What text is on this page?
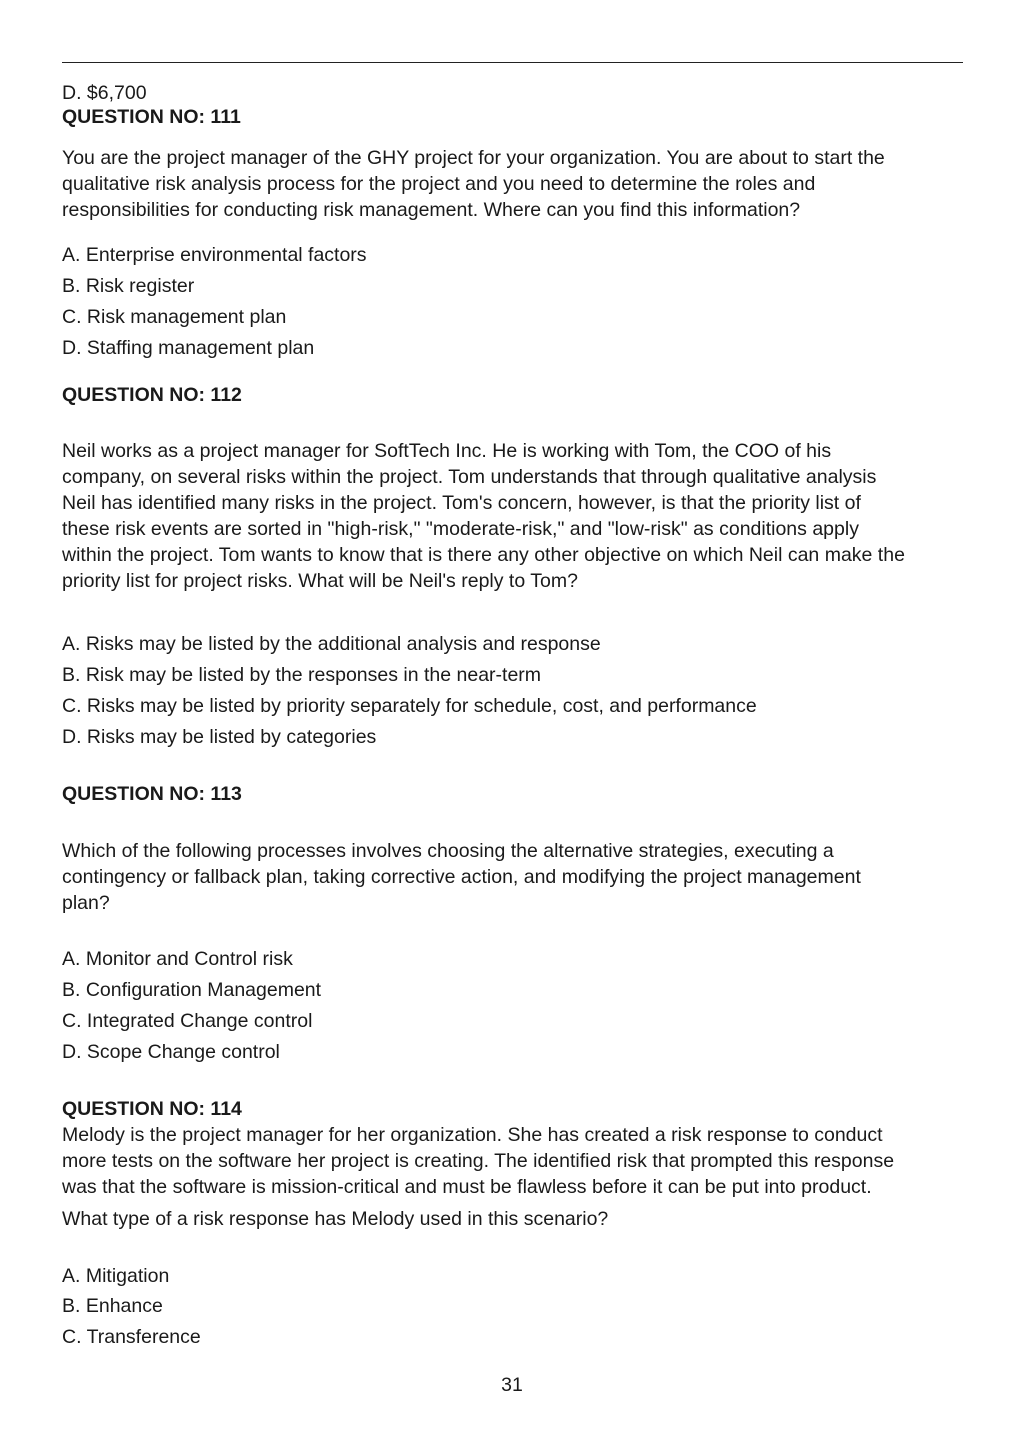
D. $6,700
QUESTION NO: 111
You are the project manager of the GHY project for your organization. You are about to start the
qualitative risk analysis process for the project and you need to determine the roles and
responsibilities for conducting risk management. Where can you find this information?
A. Enterprise environmental factors
B. Risk register
C. Risk management plan
D. Staffing management plan
QUESTION NO: 112
Neil works as a project manager for SoftTech Inc. He is working with Tom, the COO of his
company, on several risks within the project. Tom understands that through qualitative analysis
Neil has identified many risks in the project. Tom's concern, however, is that the priority list of
these risk events are sorted in "high-risk," "moderate-risk," and "low-risk" as conditions apply
within the project. Tom wants to know that is there any other objective on which Neil can make the
priority list for project risks. What will be Neil's reply to Tom?
A. Risks may be listed by the additional analysis and response
B. Risk may be listed by the responses in the near-term
C. Risks may be listed by priority separately for schedule, cost, and performance
D. Risks may be listed by categories
QUESTION NO: 113
Which of the following processes involves choosing the alternative strategies, executing a
contingency or fallback plan, taking corrective action, and modifying the project management
plan?
A. Monitor and Control risk
B. Configuration Management
C. Integrated Change control
D. Scope Change control
QUESTION NO: 114
Melody is the project manager for her organization. She has created a risk response to conduct
more tests on the software her project is creating. The identified risk that prompted this response
was that the software is mission-critical and must be flawless before it can be put into product.
What type of a risk response has Melody used in this scenario?
A. Mitigation
B. Enhance
C. Transference
31
